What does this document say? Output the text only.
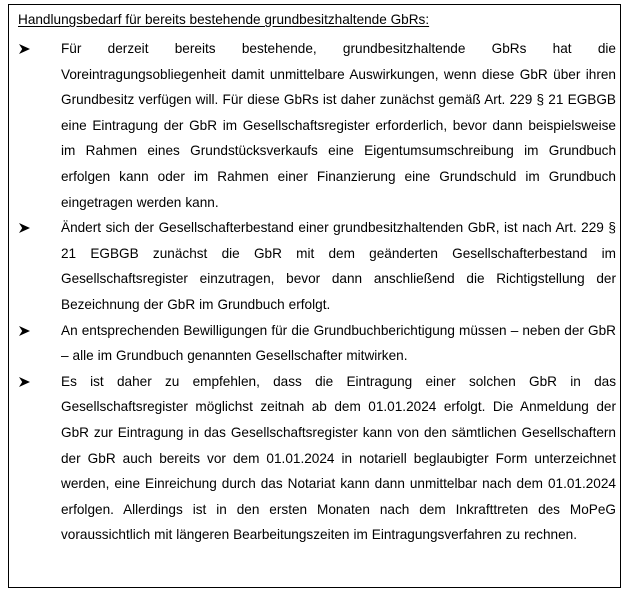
Handlungsbedarf für bereits bestehende grundbesitzhaltende GbRs:
Für derzeit bereits bestehende, grundbesitzhaltende GbRs hat die Voreintragungsobliegenheit damit unmittelbare Auswirkungen, wenn diese GbR über ihren Grundbesitz verfügen will. Für diese GbRs ist daher zunächst gemäß Art. 229 § 21 EGBGB eine Eintragung der GbR im Gesellschaftsregister erforderlich, bevor dann beispielsweise im Rahmen eines Grundstücksverkaufs eine Eigentumsumschreibung im Grundbuch erfolgen kann oder im Rahmen einer Finanzierung eine Grundschuld im Grundbuch eingetragen werden kann.
Ändert sich der Gesellschafterbestand einer grundbesitzhaltenden GbR, ist nach Art. 229 § 21 EGBGB zunächst die GbR mit dem geänderten Gesellschafterbestand im Gesellschaftsregister einzutragen, bevor dann anschließend die Richtigstellung der Bezeichnung der GbR im Grundbuch erfolgt.
An entsprechenden Bewilligungen für die Grundbuchberichtigung müssen – neben der GbR – alle im Grundbuch genannten Gesellschafter mitwirken.
Es ist daher zu empfehlen, dass die Eintragung einer solchen GbR in das Gesellschaftsregister möglichst zeitnah ab dem 01.01.2024 erfolgt. Die Anmeldung der GbR zur Eintragung in das Gesellschaftsregister kann von den sämtlichen Gesellschaftern der GbR auch bereits vor dem 01.01.2024 in notariell beglaubigter Form unterzeichnet werden, eine Einreichung durch das Notariat kann dann unmittelbar nach dem 01.01.2024 erfolgen. Allerdings ist in den ersten Monaten nach dem Inkrafttreten des MoPeG voraussichtlich mit längeren Bearbeitungszeiten im Eintragungsverfahren zu rechnen.
